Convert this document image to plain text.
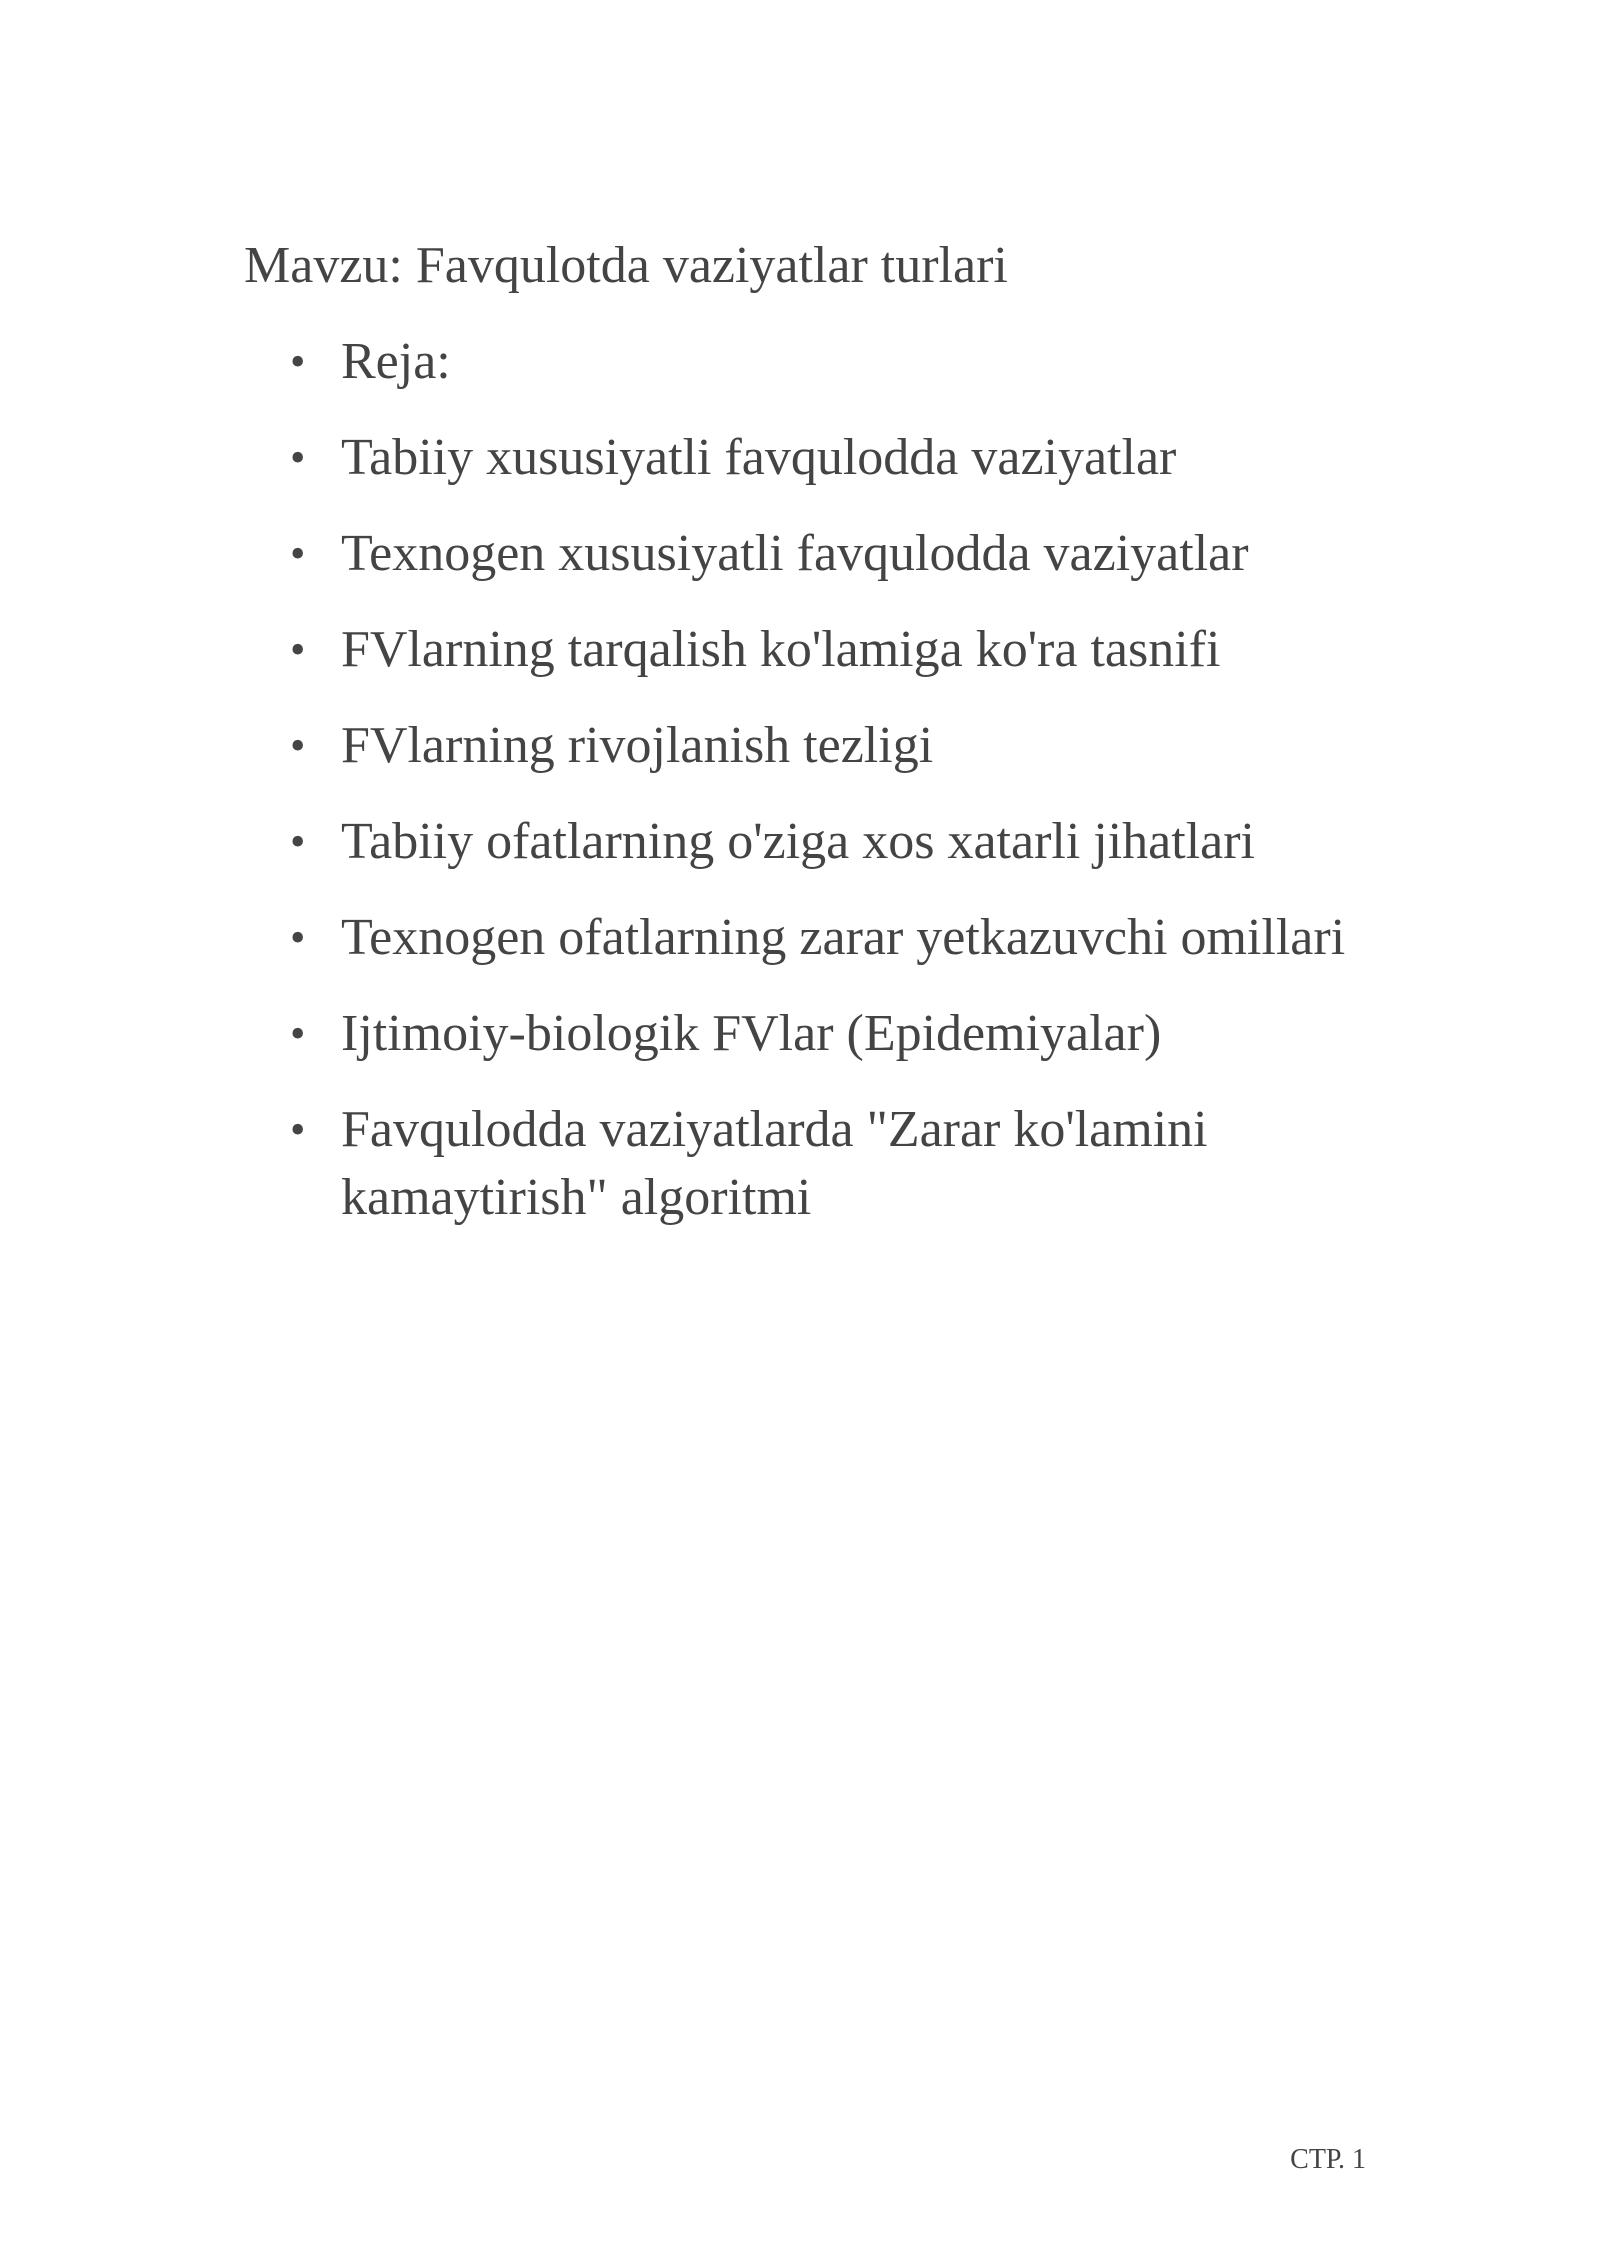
Mavzu: Favqulotda vaziyatlar turlari
• Reja:
• Tabiiy xususiyatli favqulodda vaziyatlar
• Texnogen xususiyatli favqulodda vaziyatlar
• FVlarning tarqalish ko'lamiga ko'ra tasnifi
• FVlarning rivojlanish tezligi
• Tabiiy ofatlarning o'ziga xos xatarli jihatlari
• Texnogen ofatlarning zarar yetkazuvchi omillari
• Ijtimoiy-biologik FVlar (Epidemiyalar)
• Favqulodda vaziyatlarda "Zarar ko'lamini kamaytirish" algoritmi
СТР. 1
